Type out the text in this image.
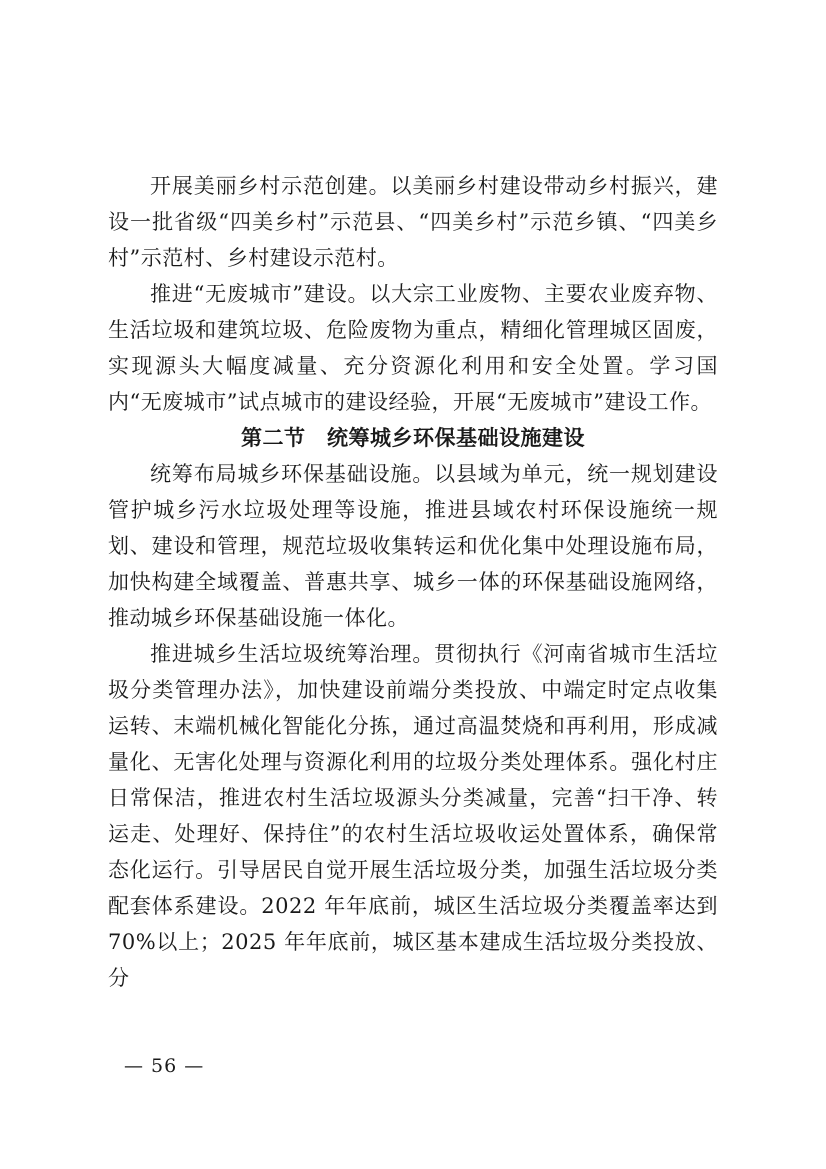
开展美丽乡村示范创建。以美丽乡村建设带动乡村振兴，建设一批省级“四美乡村”示范县、“四美乡村”示范乡镇、“四美乡村”示范村、乡村建设示范村。

推进“无废城市”建设。以大宗工业废物、主要农业废弃物、生活垃圾和建筑垃圾、危险废物为重点，精细化管理城区固废，实现源头大幅度减量、充分资源化利用和安全处置。学习国内“无废城市”试点城市的建设经验，开展“无废城市”建设工作。

第二节　统筹城乡环保基础设施建设

统筹布局城乡环保基础设施。以县域为单元，统一规划建设管护城乡污水垃圾处理等设施，推进县域农村环保设施统一规划、建设和管理，规范垃圾收集转运和优化集中处理设施布局，加快构建全域覆盖、普惠共享、城乡一体的环保基础设施网络，推动城乡环保基础设施一体化。

推进城乡生活垃圾统筹治理。贯彻执行《河南省城市生活垃圾分类管理办法》，加快建设前端分类投放、中端定时定点收集运转、末端机械化智能化分拣，通过高温焚烧和再利用，形成减量化、无害化处理与资源化利用的垃圾分类处理体系。强化村庄日常保洁，推进农村生活垃圾源头分类减量，完善“扫干净、转运走、处理好、保持住”的农村生活垃圾收运处置体系，确保常态化运行。引导居民自觉开展生活垃圾分类，加强生活垃圾分类配套体系建设。2022 年年底前，城区生活垃圾分类覆盖率达到 70%以上；2025 年年底前，城区基本建成生活垃圾分类投放、分

— 56 —
